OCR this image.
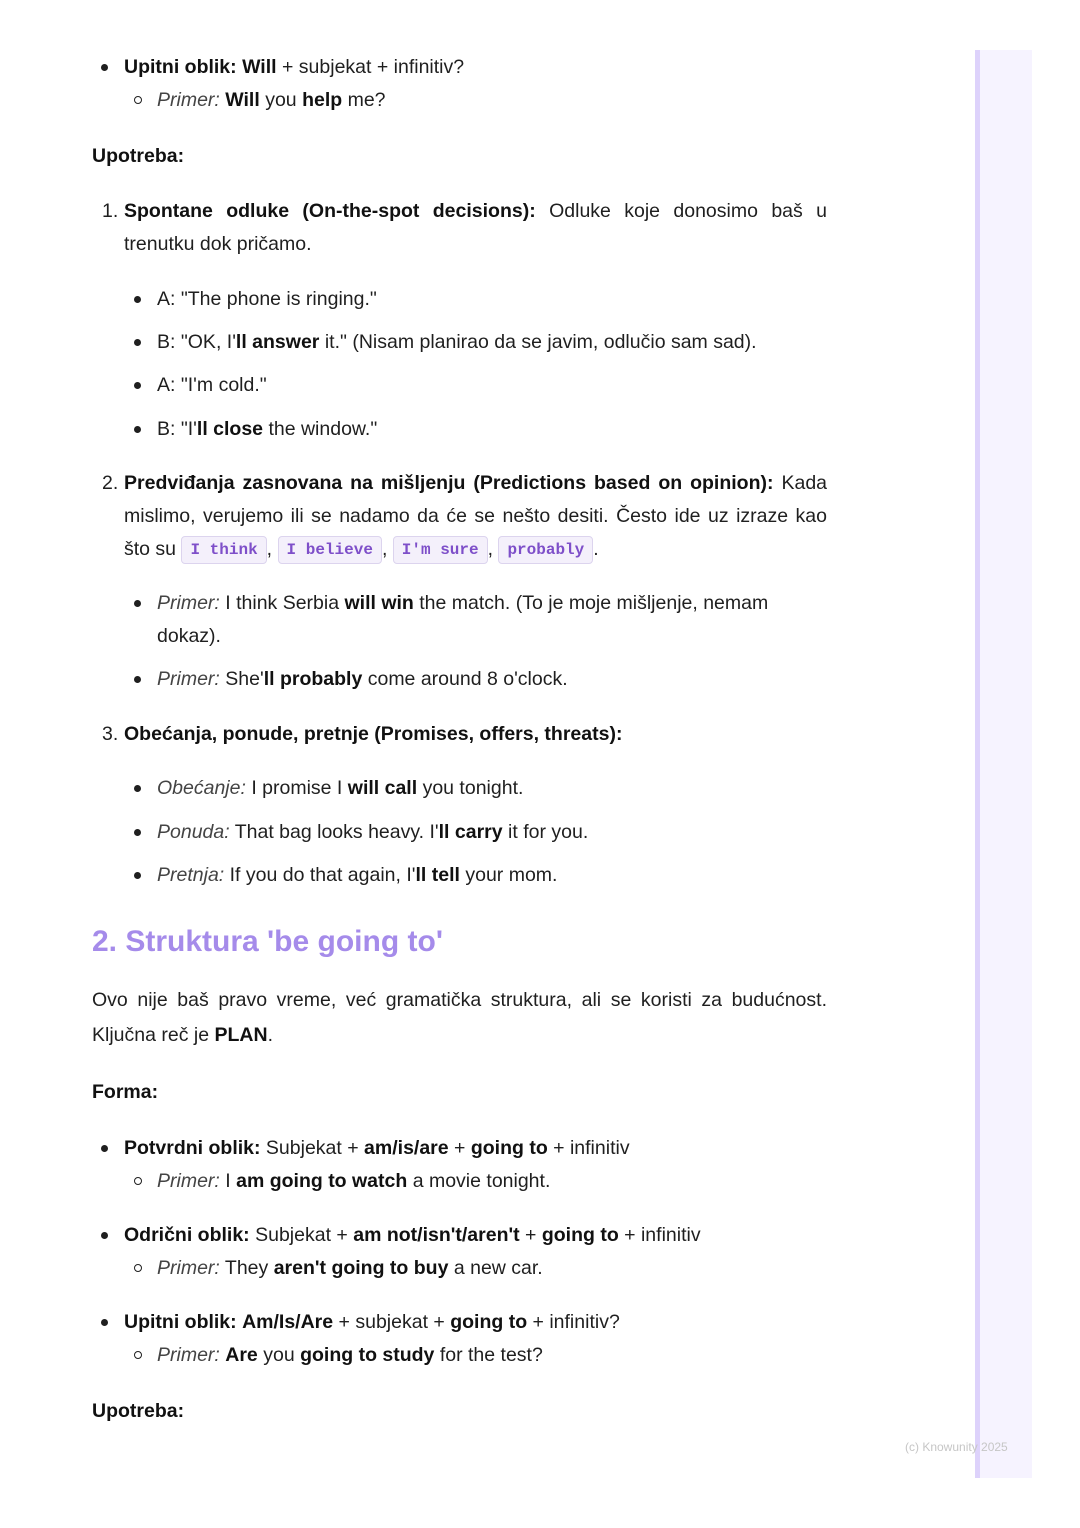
(c) Knowunity 2025
Upitni oblik: Will + subjekat + infinitiv?
Primer: Will you help me?
Upotreba:
1. Spontane odluke (On-the-spot decisions): Odluke koje donosimo baš u trenutku dok pričamo.
A: "The phone is ringing."
B: "OK, I'll answer it." (Nisam planirao da se javim, odlučio sam sad).
A: "I'm cold."
B: "I'll close the window."
2. Predviđanja zasnovana na mišljenju (Predictions based on opinion): Kada mislimo, verujemo ili se nadamo da će se nešto desiti. Često ide uz izraze kao što su I think , I believe , I'm sure , probably .
Primer: I think Serbia will win the match. (To je moje mišljenje, nemam dokaz).
Primer: She'll probably come around 8 o'clock.
3. Obećanja, ponude, pretnje (Promises, offers, threats):
Obećanje: I promise I will call you tonight.
Ponuda: That bag looks heavy. I'll carry it for you.
Pretnja: If you do that again, I'll tell your mom.
2. Struktura 'be going to'
Ovo nije baš pravo vreme, već gramatička struktura, ali se koristi za budućnost. Ključna reč je PLAN.
Forma:
Potvrdni oblik: Subjekat + am/is/are + going to + infinitiv
Primer: I am going to watch a movie tonight.
Odrični oblik: Subjekat + am not/isn't/aren't + going to + infinitiv
Primer: They aren't going to buy a new car.
Upitni oblik: Am/Is/Are + subjekat + going to + infinitiv?
Primer: Are you going to study for the test?
Upotreba:
